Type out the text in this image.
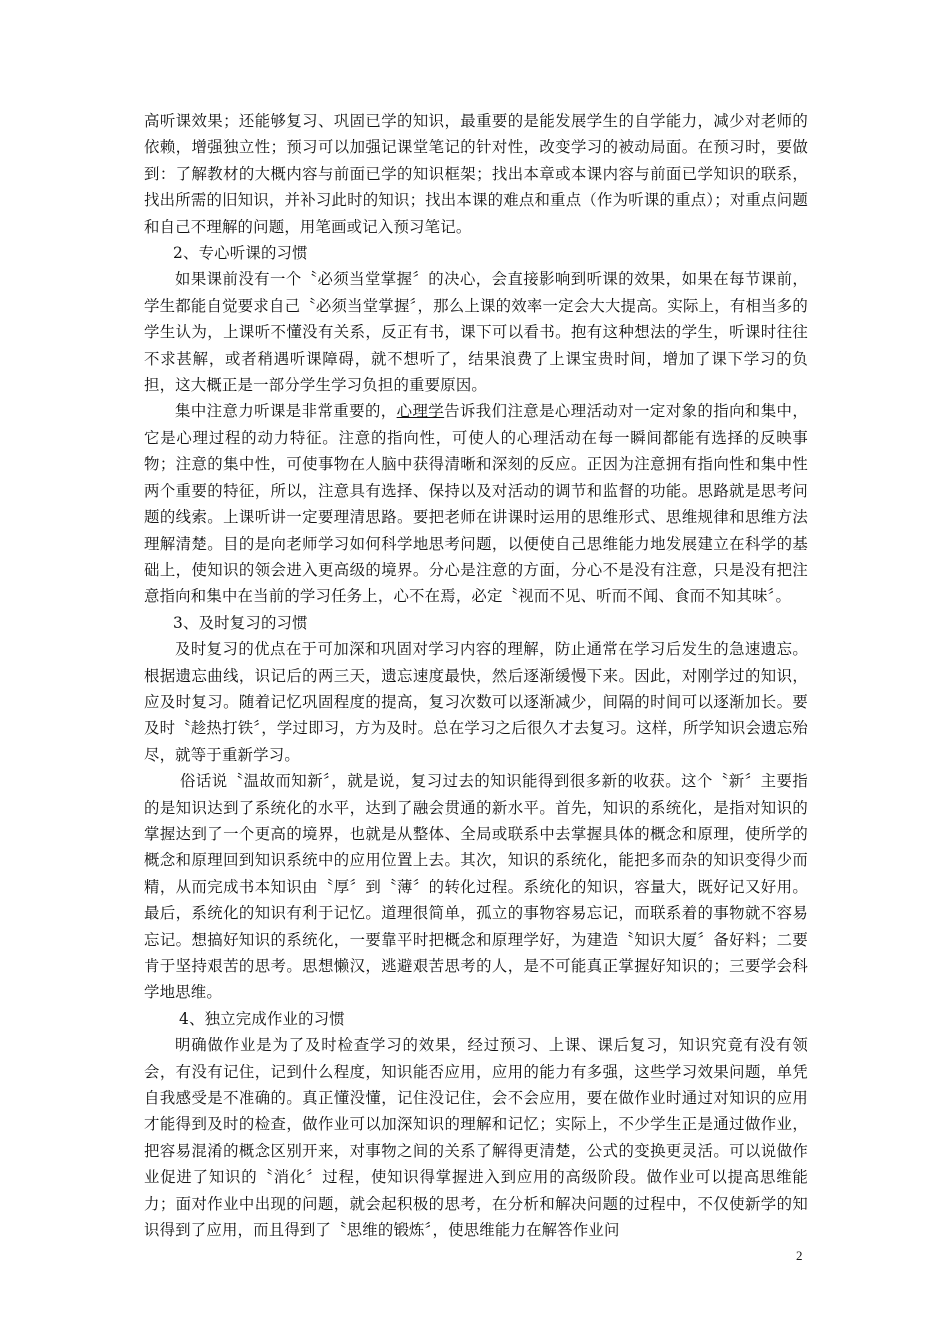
高听课效果；还能够复习、巩固已学的知识，最重要的是能发展学生的自学能力，减少对老师的依赖，增强独立性；预习可以加强记课堂笔记的针对性，改变学习的被动局面。在预习时，要做到：了解教材的大概内容与前面已学的知识框架；找出本章或本课内容与前面已学知识的联系，找出所需的旧知识，并补习此时的知识；找出本课的难点和重点（作为听课的重点）；对重点问题和自己不理解的问题，用笔画或记入预习笔记。

2、专心听课的习惯

如果课前没有一个〝必须当堂掌握〞的决心，会直接影响到听课的效果，如果在每节课前，学生都能自觉要求自己〝必须当堂掌握〞，那么上课的效率一定会大大提高。实际上，有相当多的学生认为，上课听不懂没有关系，反正有书，课下可以看书。抱有这种想法的学生，听课时往往不求甚解，或者稍遇听课障碍，就不想听了，结果浪费了上课宝贵时间，增加了课下学习的负担，这大概正是一部分学生学习负担的重要原因。

集中注意力听课是非常重要的，心理学告诉我们注意是心理活动对一定对象的指向和集中，它是心理过程的动力特征。注意的指向性，可使人的心理活动在每一瞬间都能有选择的反映事物；注意的集中性，可使事物在人脑中获得清晰和深刻的反应。正因为注意拥有指向性和集中性两个重要的特征，所以，注意具有选择、保持以及对活动的调节和监督的功能。思路就是思考问题的线索。上课听讲一定要理清思路。要把老师在讲课时运用的思维形式、思维规律和思维方法理解清楚。目的是向老师学习如何科学地思考问题，以便使自己思维能力地发展建立在科学的基础上，使知识的领会进入更高级的境界。分心是注意的方面，分心不是没有注意，只是没有把注意指向和集中在当前的学习任务上，心不在焉，必定〝视而不见、听而不闻、食而不知其味〞。

3、及时复习的习惯

及时复习的优点在于可加深和巩固对学习内容的理解，防止通常在学习后发生的急速遗忘。根据遗忘曲线，识记后的两三天，遗忘速度最快，然后逐渐缓慢下来。因此，对刚学过的知识，应及时复习。随着记忆巩固程度的提高，复习次数可以逐渐减少，间隔的时间可以逐渐加长。要及时〝趁热打铁〞，学过即习，方为及时。总在学习之后很久才去复习。这样，所学知识会遗忘殆尽，就等于重新学习。

俗话说〝温故而知新〞，就是说，复习过去的知识能得到很多新的收获。这个〝新〞主要指的是知识达到了系统化的水平，达到了融会贯通的新水平。首先，知识的系统化，是指对知识的掌握达到了一个更高的境界，也就是从整体、全局或联系中去掌握具体的概念和原理，使所学的概念和原理回到知识系统中的应用位置上去。其次，知识的系统化，能把多而杂的知识变得少而精，从而完成书本知识由〝厚〞到〝薄〞的转化过程。系统化的知识，容量大，既好记又好用。最后，系统化的知识有利于记忆。道理很简单，孤立的事物容易忘记，而联系着的事物就不容易忘记。想搞好知识的系统化，一要靠平时把概念和原理学好，为建造〝知识大厦〞备好料；二要肯于坚持艰苦的思考。思想懒汉，逃避艰苦思考的人，是不可能真正掌握好知识的；三要学会科学地思维。

4、独立完成作业的习惯

明确做作业是为了及时检查学习的效果，经过预习、上课、课后复习，知识究竟有没有领会，有没有记住，记到什么程度，知识能否应用，应用的能力有多强，这些学习效果问题，单凭自我感受是不准确的。真正懂没懂，记住没记住，会不会应用，要在做作业时通过对知识的应用才能得到及时的检查，做作业可以加深知识的理解和记忆；实际上，不少学生正是通过做作业，把容易混淆的概念区别开来，对事物之间的关系了解得更清楚，公式的变换更灵活。可以说做作业促进了知识的〝消化〞过程，使知识得掌握进入到应用的高级阶段。做作业可以提高思维能力；面对作业中出现的问题，就会起积极的思考，在分析和解决问题的过程中，不仅使新学的知识得到了应用，而且得到了〝思维的锻炼〞，使思维能力在解答作业问

2
